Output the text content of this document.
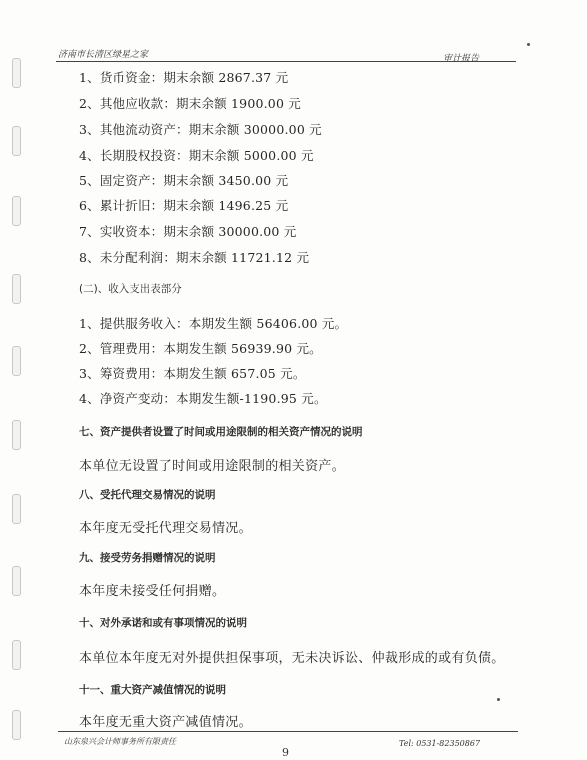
济南市长清区绿星之家	审计报告
1、货币资金：期末余额 2867.37 元
2、其他应收款：期末余额 1900.00 元
3、其他流动资产：期末余额 30000.00 元
4、长期股权投资：期末余额 5000.00 元
5、固定资产：期末余额 3450.00 元
6、累计折旧：期末余额 1496.25 元
7、实收资本：期末余额 30000.00 元
8、未分配利润：期末余额 11721.12 元
(二)、收入支出表部分
1、提供服务收入：本期发生额 56406.00 元。
2、管理费用：本期发生额 56939.90 元。
3、筹资费用：本期发生额 657.05 元。
4、净资产变动：本期发生额-1190.95 元。
七、资产提供者设置了时间或用途限制的相关资产情况的说明
本单位无设置了时间或用途限制的相关资产。
八、受托代理交易情况的说明
本年度无受托代理交易情况。
九、接受劳务捐赠情况的说明
本年度未接受任何捐赠。
十、对外承诺和或有事项情况的说明
本单位本年度无对外提供担保事项，无未决诉讼、仲裁形成的或有负债。
十一、重大资产减值情况的说明
本年度无重大资产减值情况。
山东泉兴会计师事务所有限责任	Tel: 0531-82350867
9
